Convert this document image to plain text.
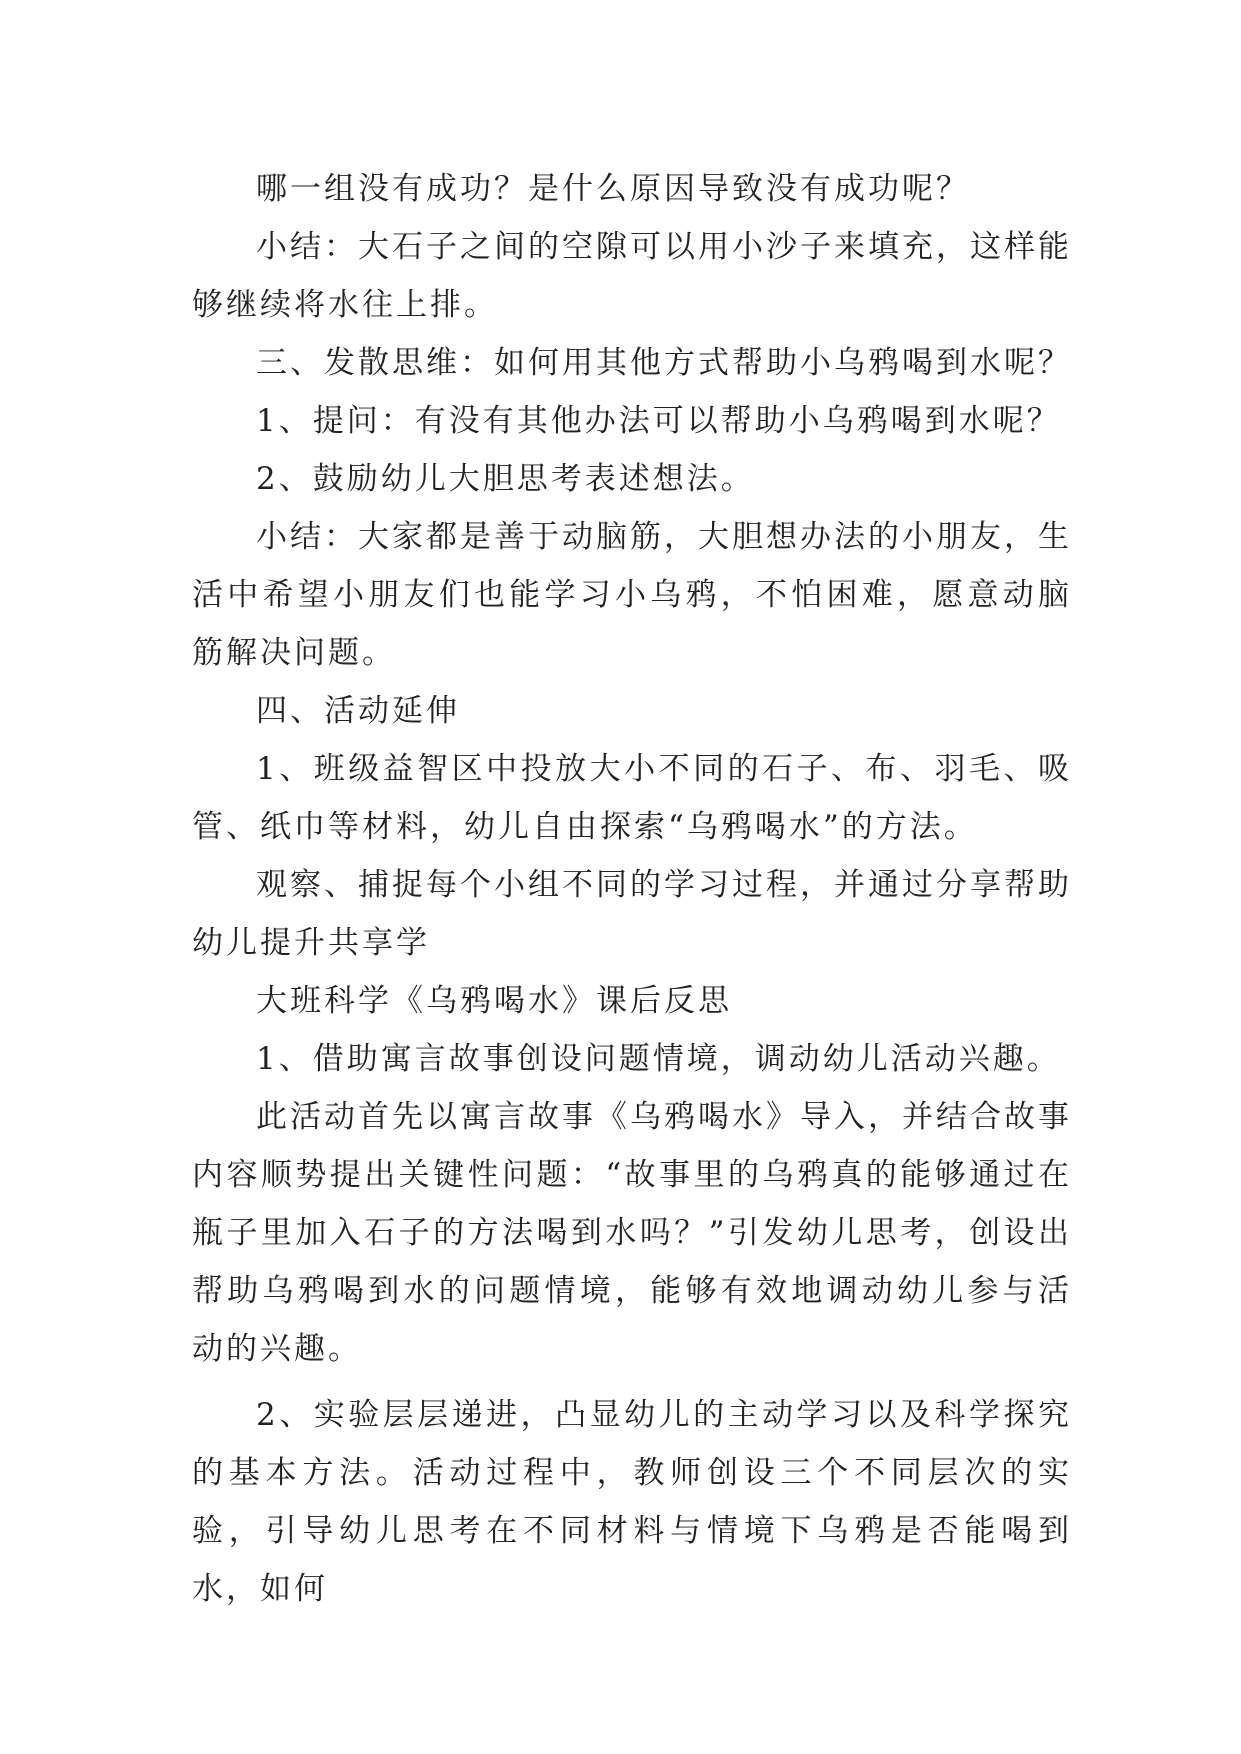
哪一组没有成功？是什么原因导致没有成功呢？

小结：大石子之间的空隙可以用小沙子来填充，这样能够继续将水往上排。

三、发散思维：如何用其他方式帮助小乌鸦喝到水呢？

1、提问：有没有其他办法可以帮助小乌鸦喝到水呢？

2、鼓励幼儿大胆思考表述想法。

小结：大家都是善于动脑筋，大胆想办法的小朋友，生活中希望小朋友们也能学习小乌鸦，不怕困难，愿意动脑筋解决问题。

四、活动延伸

1、班级益智区中投放大小不同的石子、布、羽毛、吸管、纸巾等材料，幼儿自由探索“乌鸦喝水”的方法。

观察、捕捉每个小组不同的学习过程，并通过分享帮助幼儿提升共享学

大班科学《乌鸦喝水》课后反思

1、借助寓言故事创设问题情境，调动幼儿活动兴趣。

此活动首先以寓言故事《乌鸦喝水》导入，并结合故事内容顺势提出关键性问题：“故事里的乌鸦真的能够通过在瓶子里加入石子的方法喝到水吗？”引发幼儿思考，创设出帮助乌鸦喝到水的问题情境，能够有效地调动幼儿参与活动的兴趣。

2、实验层层递进，凸显幼儿的主动学习以及科学探究的基本方法。活动过程中，教师创设三个不同层次的实验，引导幼儿思考在不同材料与情境下乌鸦是否能喝到水，如何
